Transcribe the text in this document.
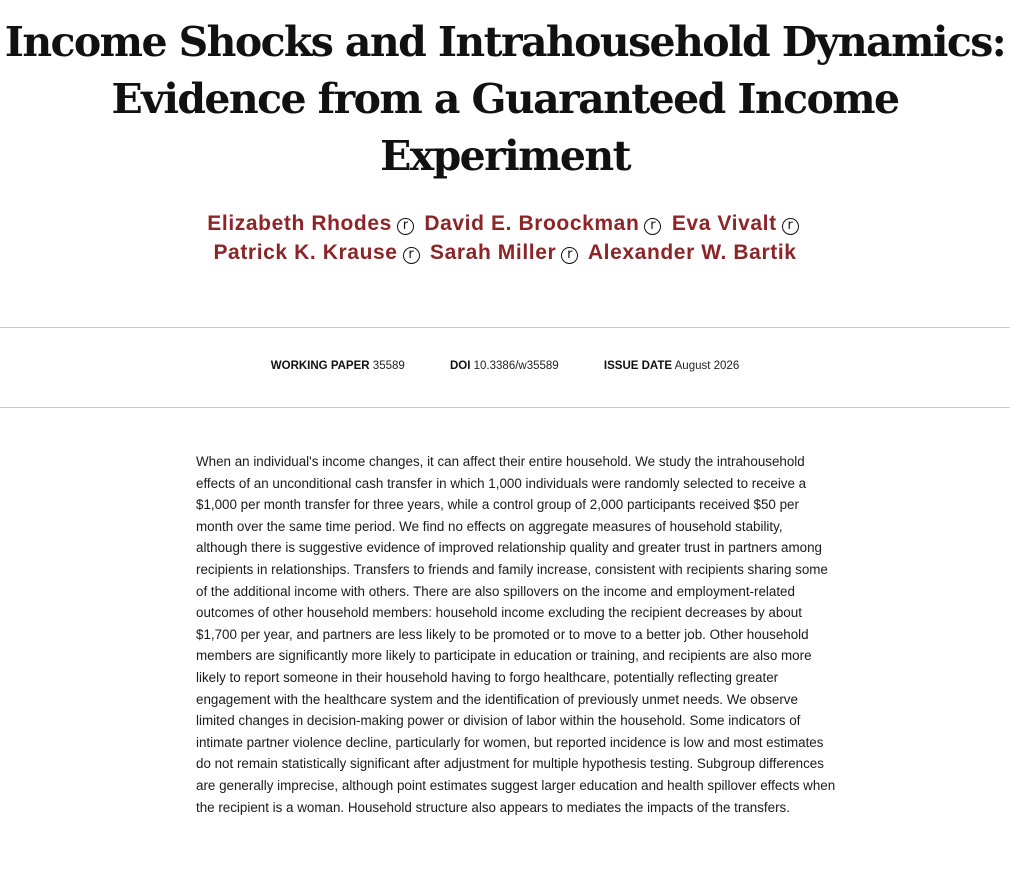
Income Shocks and Intrahousehold Dynamics: Evidence from a Guaranteed Income Experiment
Elizabeth Rhodes r David E. Broockman r Eva Vivalt r Patrick K. Krause r Sarah Miller r Alexander W. Bartik
WORKING PAPER 35589	DOI 10.3386/w35589	ISSUE DATE August 2026

When an individual's income changes, it can affect their entire household. We study the intrahousehold effects of an unconditional cash transfer in which 1,000 individuals were randomly selected to receive a $1,000 per month transfer for three years, while a control group of 2,000 participants received $50 per month over the same time period. We find no effects on aggregate measures of household stability, although there is suggestive evidence of improved relationship quality and greater trust in partners among recipients in relationships. Transfers to friends and family increase, consistent with recipients sharing some of the additional income with others. There are also spillovers on the income and employment-related outcomes of other household members: household income excluding the recipient decreases by about $1,700 per year, and partners are less likely to be promoted or to move to a better job. Other household members are significantly more likely to participate in education or training, and recipients are also more likely to report someone in their household having to forgo healthcare, potentially reflecting greater engagement with the healthcare system and the identification of previously unmet needs. We observe limited changes in decision-making power or division of labor within the household. Some indicators of intimate partner violence decline, particularly for women, but reported incidence is low and most estimates do not remain statistically significant after adjustment for multiple hypothesis testing. Subgroup differences are generally imprecise, although point estimates suggest larger education and health spillover effects when the recipient is a woman. Household structure also appears to mediates the impacts of the transfers.
